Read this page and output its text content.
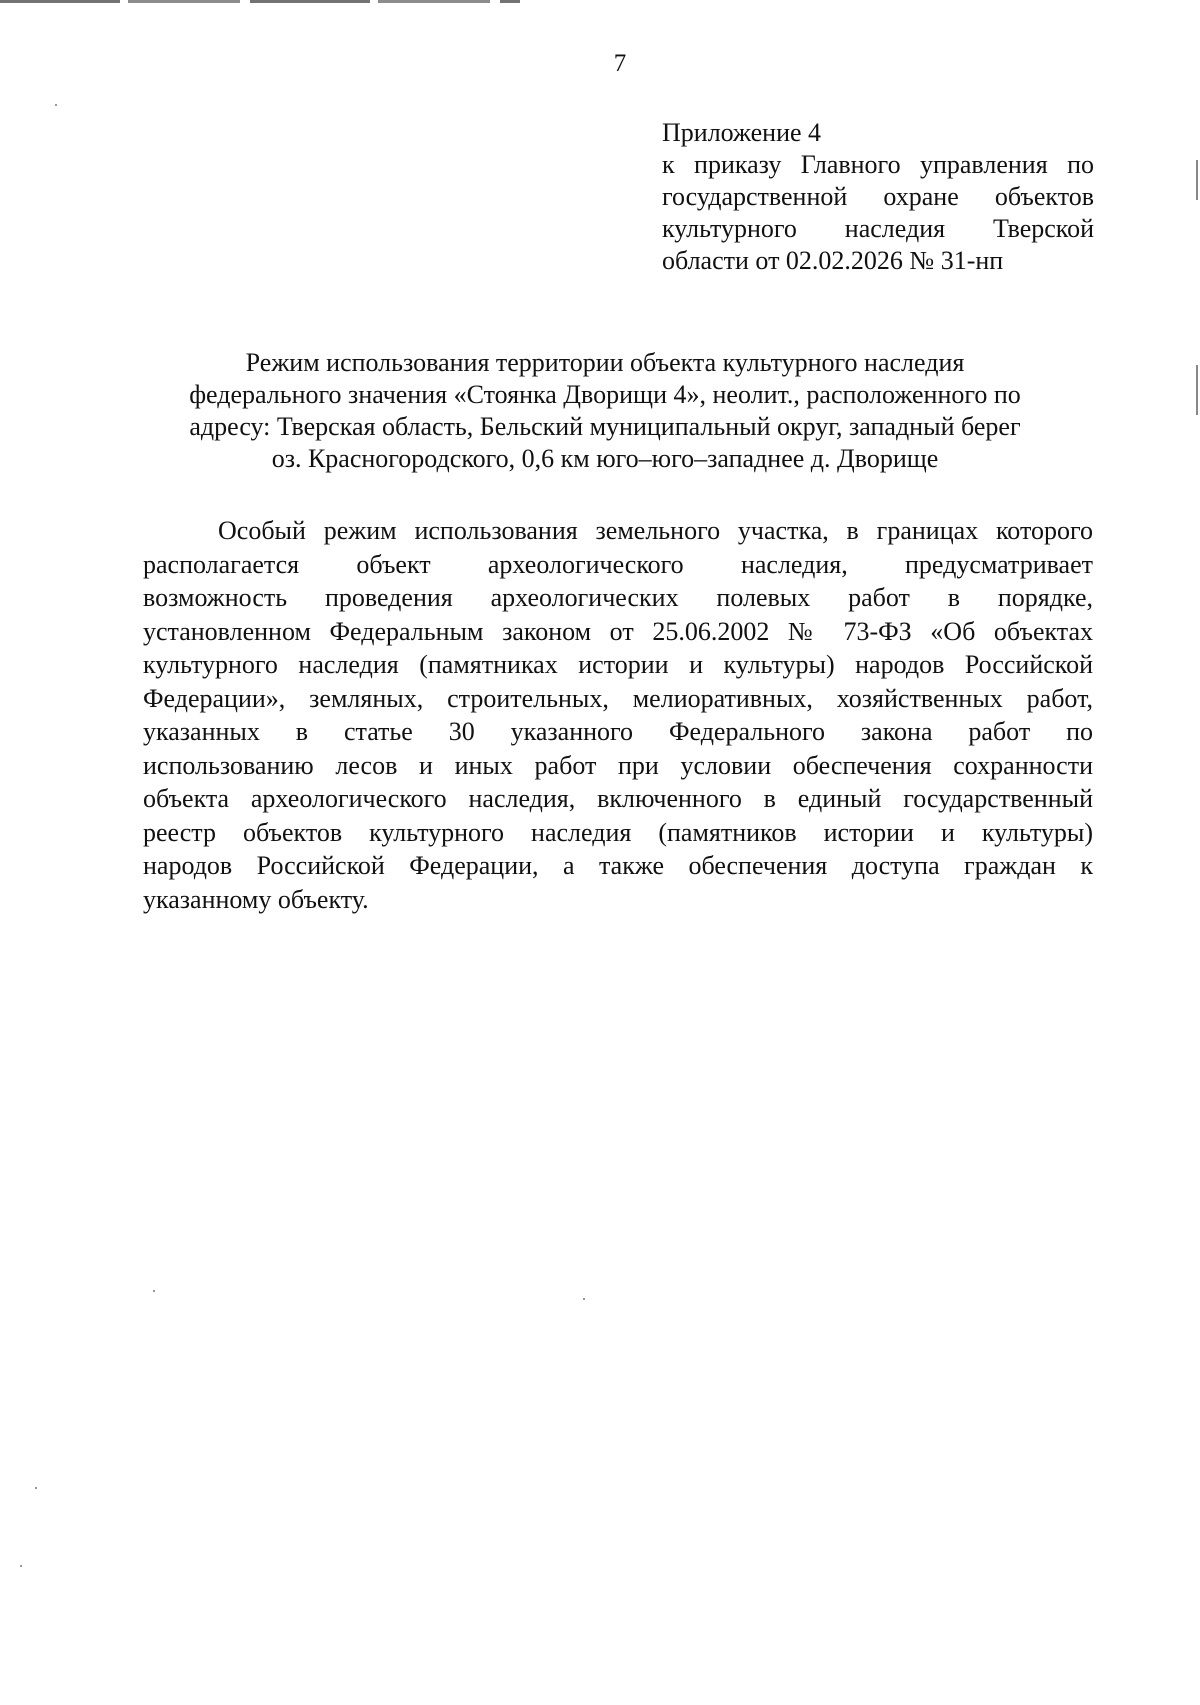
7
Приложение 4
к приказу Главного управления по
государственной охране объектов
культурного наследия Тверской
области от 02.02.2026 № 31-нп
Режим использования территории объекта культурного наследия
федерального значения «Стоянка Дворищи 4», неолит., расположенного по
адресу: Тверская область, Бельский муниципальный округ, западный берег
оз. Красногородского, 0,6 км юго–юго–западнее д. Дворище
Особый режим использования земельного участка, в границах которого
располагается объект археологического наследия, предусматривает
возможность проведения археологических полевых работ в порядке,
установленном Федеральным законом от 25.06.2002 № 73-ФЗ «Об объектах
культурного наследия (памятниках истории и культуры) народов Российской
Федерации», земляных, строительных, мелиоративных, хозяйственных работ,
указанных в статье 30 указанного Федерального закона работ по
использованию лесов и иных работ при условии обеспечения сохранности
объекта археологического наследия, включенного в единый государственный
реестр объектов культурного наследия (памятников истории и культуры)
народов Российской Федерации, а также обеспечения доступа граждан к
указанному объекту.
